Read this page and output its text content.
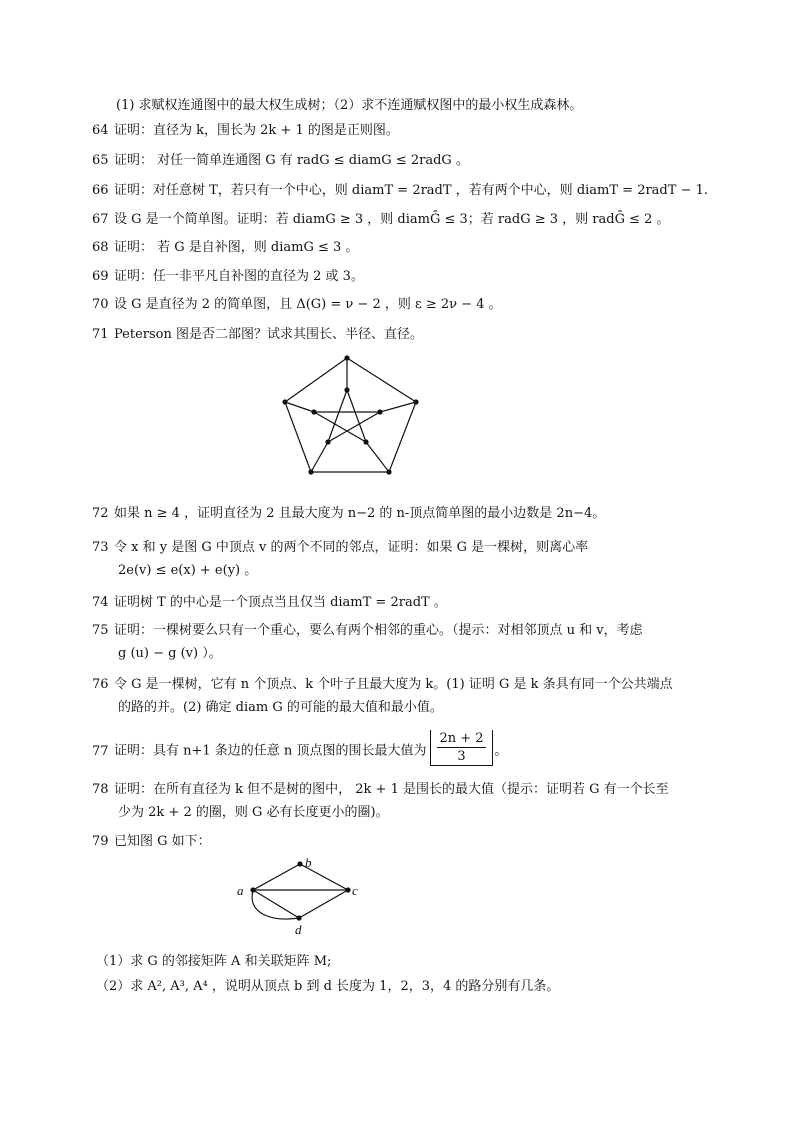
(1) 求赋权连通图中的最大权生成树；（2）求不连通赋权图中的最小权生成森林。
64 证明：直径为 k，围长为 2k + 1 的图是正则图。
65 证明： 对任一简单连通图 G 有 radG ≤ diamG ≤ 2radG 。
66 证明：对任意树 T，若只有一个中心，则 diamT = 2radT ，若有两个中心，则 diamT = 2radT − 1.
67 设 G 是一个简单图。证明：若 diamG ≥ 3 ，则 diamḠ ≤ 3；若 radG ≥ 3 ，则 radḠ ≤ 2 。
68 证明： 若 G 是自补图，则 diamG ≤ 3 。
69 证明：任一非平凡自补图的直径为 2 或 3。
70 设 G 是直径为 2 的简单图，且 Δ(G) = ν − 2 ，则 ε ≥ 2ν − 4 。
71 Peterson 图是否二部图？试求其围长、半径、直径。
72 如果 n ≥ 4 ，证明直径为 2 且最大度为 n−2 的 n-顶点简单图的最小边数是 2n−4。
73 令 x 和 y 是图 G 中顶点 v 的两个不同的邻点，证明：如果 G 是一棵树，则离心率
2e(v) ≤ e(x) + e(y) 。
74 证明树 T 的中心是一个顶点当且仅当 diamT = 2radT 。
75 证明：一棵树要么只有一个重心，要么有两个相邻的重心。（提示：对相邻顶点 u 和 v，考虑
g (u) − g (v) ）。
76 令 G 是一棵树，它有 n 个顶点、k 个叶子且最大度为 k。(1) 证明 G 是 k 条具有同一个公共端点
的路的并。(2) 确定 diam G 的可能的最大值和最小值。
77 证明：具有 n+1 条边的任意 n 顶点图的围长最大值为 $\frac{2n + 2}{3}$ 。
78 证明：在所有直径为 k 但不是树的图中， 2k + 1 是围长的最大值（提示：证明若 G 有一个长至
少为 2k + 2 的圈，则 G 必有长度更小的圈)。
79 已知图 G 如下：
a
b
c
d
（1）求 G 的邻接矩阵 A 和关联矩阵 M;
（2）求 A², A³, A⁴ ，说明从顶点 b 到 d 长度为 1，2，3，4 的路分别有几条。
